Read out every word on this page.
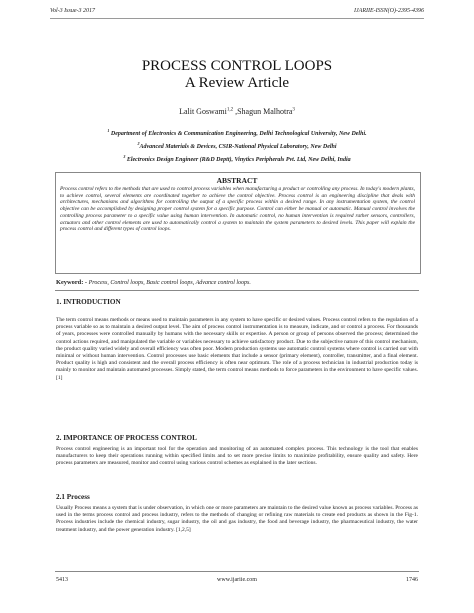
Vol-3 Issue-3 2017	IJARIIE-ISSN(O)-2395-4396
PROCESS CONTROL LOOPS
A Review Article
Lalit Goswami$^{1,2}$ ,Shagun Malhotra$^3$
$^1$ Department of Electronics & Communication Engineering, Delhi Technological University, New Delhi.
$^2$Advanced Materials & Devices, CSIR-National Physical Laboratory, New Delhi
$^3$ Electronics Design Engineer (R&D Deptt), Vinytics Peripherals Pvt. Ltd, New Delhi, India
ABSTRACT
Process control refers to the methods that are used to control process variables when manufacturing a product or controlling any process. In today's modern plants, to achieve control, several elements are coordinated together to achieve the control objective. Process control is an engineering discipline that deals with architectures, mechanisms and algorithms for controlling the output of a specific process within a desired range. In any instrumentation system, the control objective can be accomplished by designing proper control system for a specific purpose. Control can either be manual or automatic. Manual control involves the controlling process parameter to a specific value using human intervention. In automatic control, no human intervention is required rather sensors, controllers, actuators and other control elements are used to automatically control a system to maintain the system parameters to desired levels. This paper will explain the process control and different types of control loops.
Keyword: - Process, Control loops, Basic control loops, Advance control loops.
1. INTRODUCTION
The term control means methods or means used to maintain parameters in any system to have specific or desired values. Process control refers to the regulation of a process variable so as to maintain a desired output level. The aim of process control instrumentation is to measure, indicate, and or control a process. For thousands of years, processes were controlled manually by humans with the necessary skills or expertise. A person or group of persons observed the process; determined the control actions required, and manipulated the variable or variables necessary to achieve satisfactory product. Due to the subjective nature of this control mechanism, the product quality varied widely and overall efficiency was often poor. Modern production systems use automatic control systems where control is carried out with minimal or without human intervention. Control processes use basic elements that include a sensor (primary element), controller, transmitter, and a final element. Product quality is high and consistent and the overall process efficiency is often near optimum. The role of a process technician in industrial production today is mainly to monitor and maintain automated processes. Simply stated, the term control means methods to force parameters in the environment to have specific values. [1]
2. IMPORTANCE OF PROCESS CONTROL
Process control engineering is an important tool for the operation and monitoring of an automated complex process. This technology is the tool that enables manufacturers to keep their operations running within specified limits and to set more precise limits to maximize profitability, ensure quality and safety. Here process parameters are measured, monitor and control using various control schemes as explained in the later sections.
2.1 Process
Usually Process means a system that is under observation, in which one or more parameters are maintain to the desired value known as process variables. Process as used in the terms process control and process industry, refers to the methods of changing or refining raw materials to create end products as shown in the Fig-1. Process industries include the chemical industry, sugar industry, the oil and gas industry, the food and beverage industry, the pharmaceutical industry, the water treatment industry, and the power generation industry. [1,2,5]
5413	www.ijariie.com	1746
